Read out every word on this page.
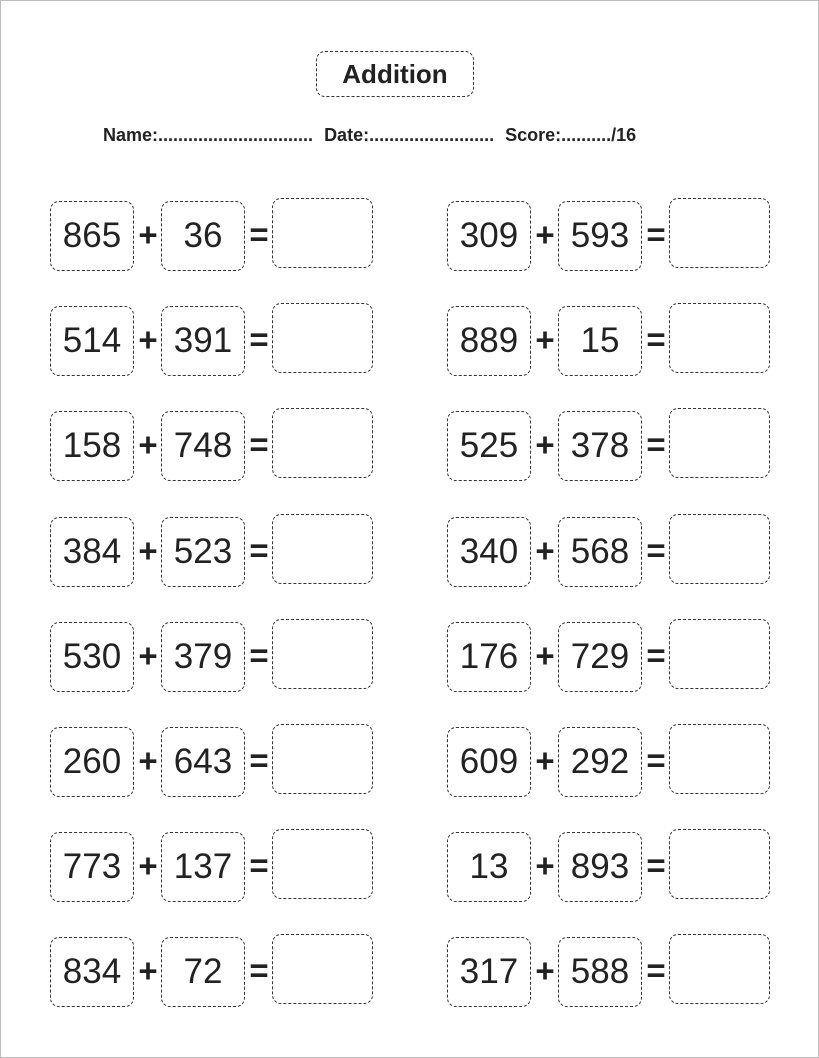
Addition
Name:............................... Date:......................... Score:........../16
865 + 36 =
514 + 391 =
158 + 748 =
384 + 523 =
530 + 379 =
260 + 643 =
773 + 137 =
834 + 72 =
309 + 593 =
889 + 15 =
525 + 378 =
340 + 568 =
176 + 729 =
609 + 292 =
13 + 893 =
317 + 588 =
